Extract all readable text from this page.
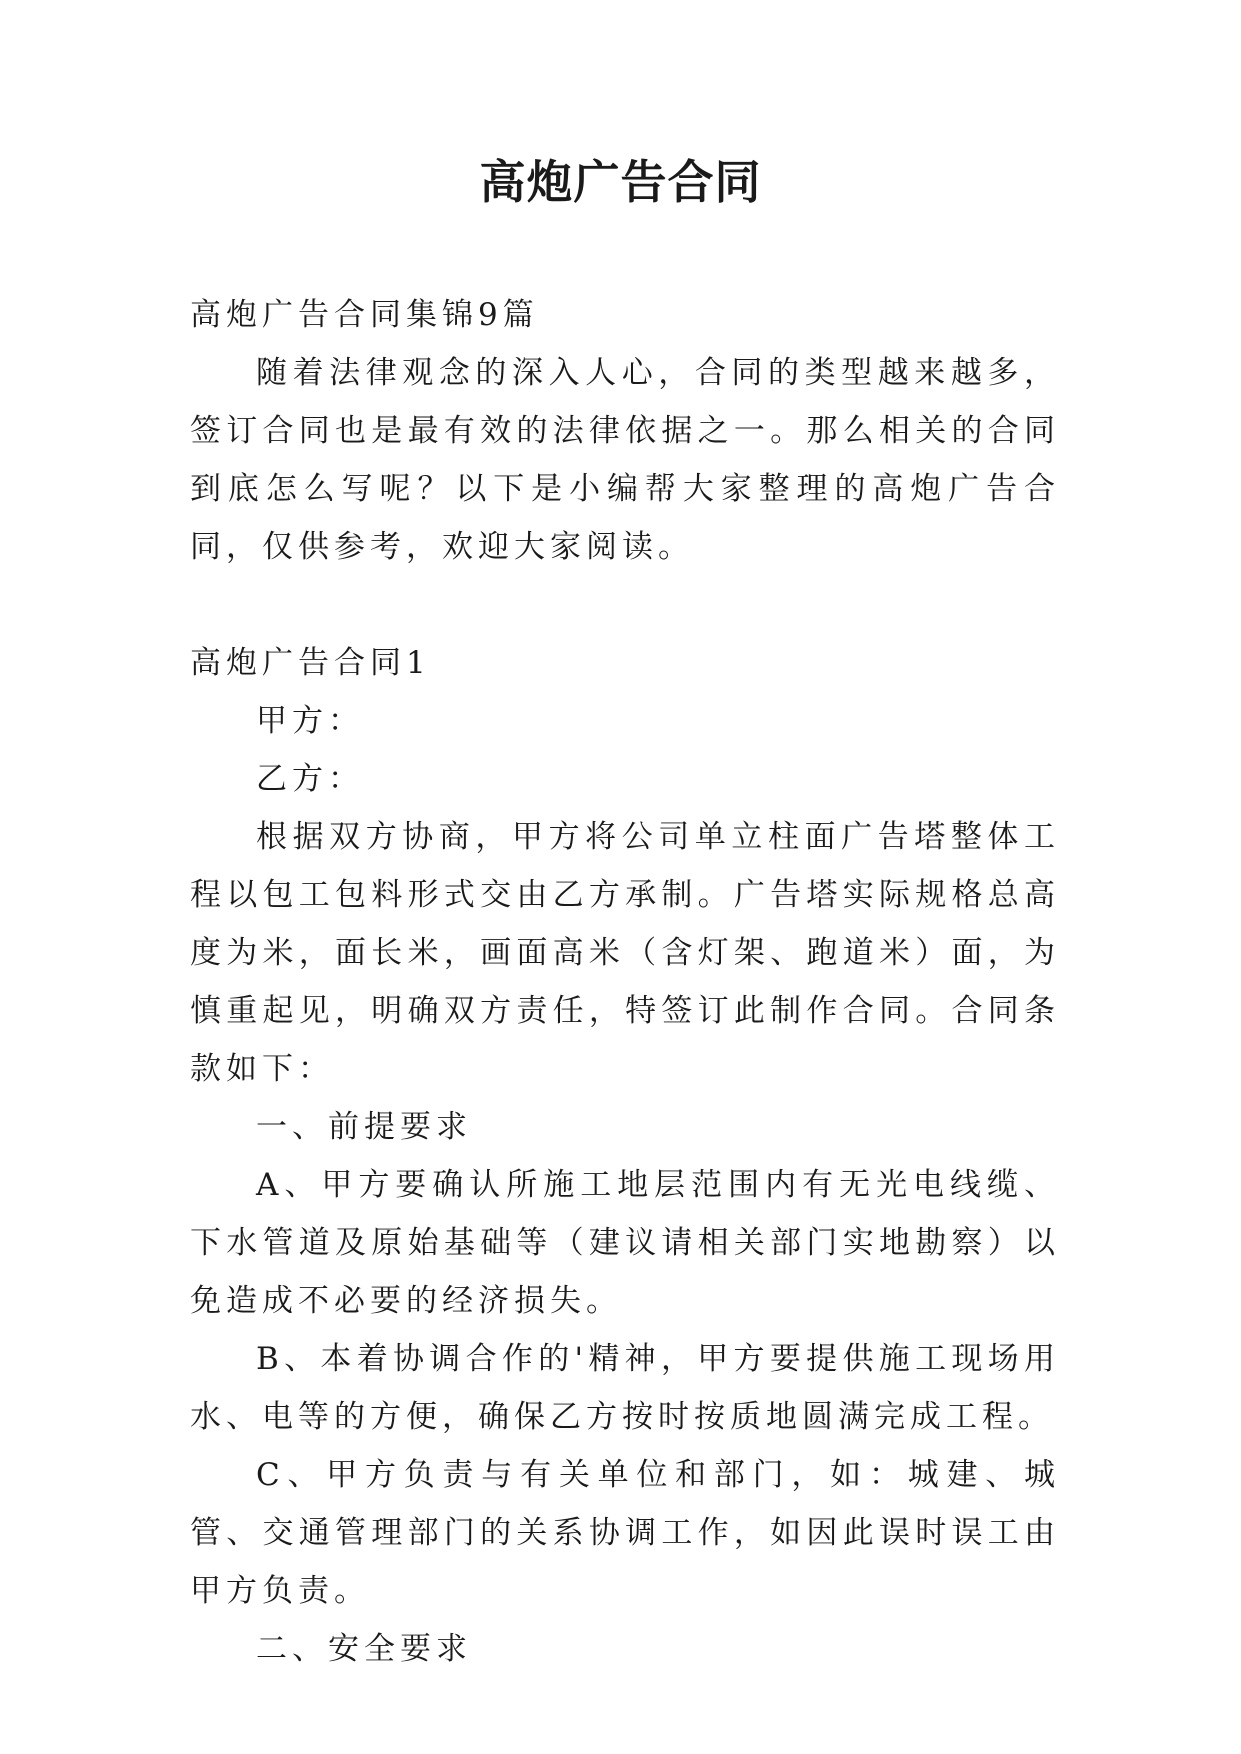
高炮广告合同

高炮广告合同集锦9篇

随着法律观念的深入人心，合同的类型越来越多，签订合同也是最有效的法律依据之一。那么相关的合同到底怎么写呢？以下是小编帮大家整理的高炮广告合同，仅供参考，欢迎大家阅读。

高炮广告合同1

甲方：

乙方：

根据双方协商，甲方将公司单立柱面广告塔整体工程以包工包料形式交由乙方承制。广告塔实际规格总高度为米，面长米，画面高米（含灯架、跑道米）面，为慎重起见，明确双方责任，特签订此制作合同。合同条款如下：

一、前提要求

A、甲方要确认所施工地层范围内有无光电线缆、下水管道及原始基础等（建议请相关部门实地勘察）以免造成不必要的经济损失。

B、本着协调合作的'精神，甲方要提供施工现场用水、电等的方便，确保乙方按时按质地圆满完成工程。

C、甲方负责与有关单位和部门，如：城建、城管、交通管理部门的关系协调工作，如因此误时误工由甲方负责。

二、安全要求
